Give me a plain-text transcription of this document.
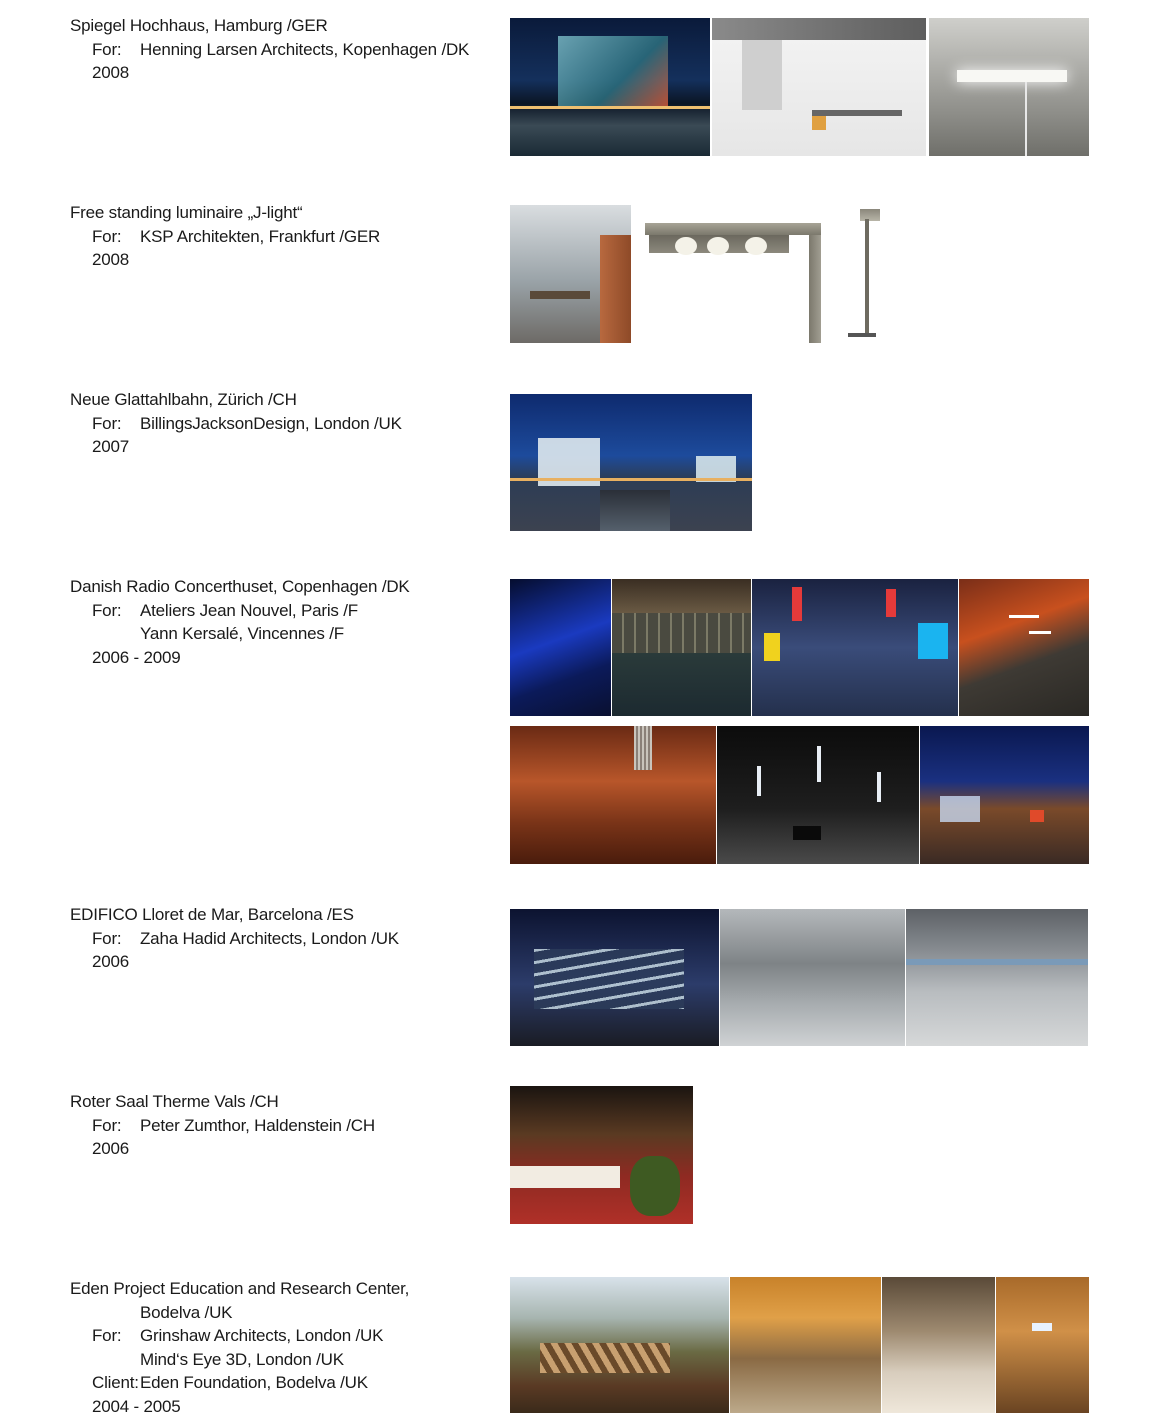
Spiegel Hochhaus, Hamburg /GER
For: Henning Larsen Architects, Kopenhagen /DK
2008
Free standing luminaire „J-light“
For: KSP Architekten, Frankfurt /GER
2008
Neue Glattahlbahn, Zürich /CH
For: BillingsJacksonDesign, London /UK
2007
Danish Radio Concerthuset, Copenhagen /DK
For: Ateliers Jean Nouvel, Paris /F
Yann Kersalé, Vincennes /F
2006 - 2009
EDIFICO Lloret de Mar, Barcelona /ES
For: Zaha Hadid Architects, London /UK
2006
Roter Saal Therme Vals /CH
For: Peter Zumthor, Haldenstein /CH
2006
Eden Project Education and Research Center,
Bodelva /UK
For: Grinshaw Architects, London /UK
Mind‘s Eye 3D, London /UK
Client:Eden Foundation, Bodelva /UK
2004 - 2005
